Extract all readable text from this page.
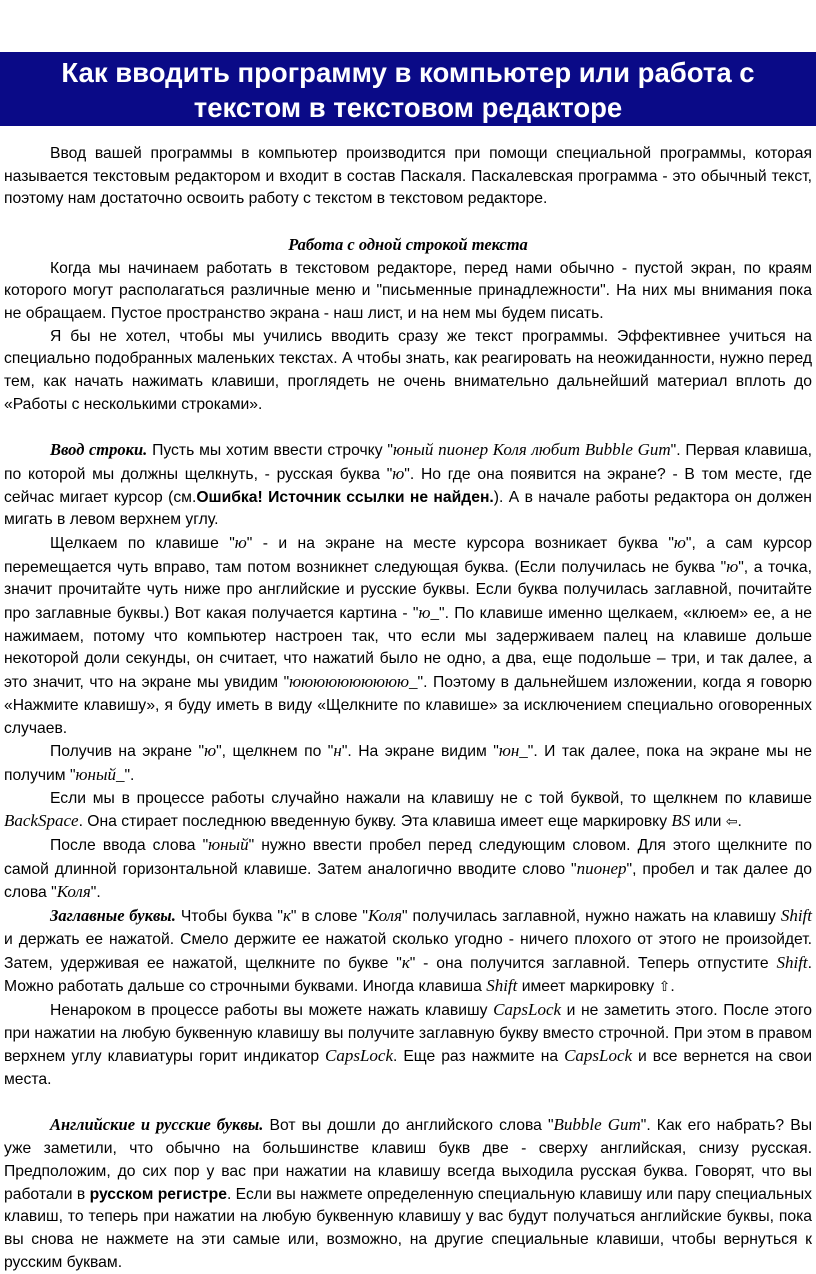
Как вводить программу в компьютер или работа с
текстом в текстовом редакторе

Ввод вашей программы в компьютер производится при помощи специальной программы, которая называется текстовым редактором и входит в состав Паскаля. Паскалевская программа - это обычный текст, поэтому нам достаточно освоить работу с текстом в текстовом редакторе.

Работа с одной строкой текста

Когда мы начинаем работать в текстовом редакторе, перед нами обычно - пустой экран, по краям которого могут располагаться различные меню и "письменные принадлежности". На них мы внимания пока не обращаем. Пустое пространство экрана - наш лист, и на нем мы будем писать.

Я бы не хотел, чтобы мы учились вводить сразу же текст программы. Эффективнее учиться на специально подобранных маленьких текстах. А чтобы знать, как реагировать на неожиданности, нужно перед тем, как начать нажимать клавиши, проглядеть не очень внимательно дальнейший материал вплоть до «Работы с несколькими строками».

Ввод строки. Пусть мы хотим ввести строчку "юный пионер Коля любит Bubble Gum". Первая клавиша, по которой мы должны щелкнуть, - русская буква "ю". Но где она появится на экране? - В том месте, где сейчас мигает курсор (см.Ошибка! Источник ссылки не найден.). А в начале работы редактора он должен мигать в левом верхнем углу.

Щелкаем по клавише "ю" - и на экране на месте курсора возникает буква "ю", а сам курсор перемещается чуть вправо, там потом возникнет следующая буква. (Если получилась не буква "ю", а точка, значит прочитайте чуть ниже про английские и русские буквы. Если буква получилась заглавной, почитайте про заглавные буквы.) Вот какая получается картина - "ю_". По клавише именно щелкаем, «клюем» ее, а не нажимаем, потому что компьютер настроен так, что если мы задерживаем палец на клавише дольше некоторой доли секунды, он считает, что нажатий было не одно, а два, еще подольше – три, и так далее, а это значит, что на экране мы увидим "юююююююююю_". Поэтому в дальнейшем изложении, когда я говорю «Нажмите клавишу», я буду иметь в виду «Щелкните по клавише» за исключением специально оговоренных случаев.

Получив на экране "ю", щелкнем по "н". На экране видим "юн_". И так далее, пока на экране мы не получим "юный_".

Если мы в процессе работы случайно нажали на клавишу не с той буквой, то щелкнем по клавише BackSpace. Она стирает последнюю введенную букву. Эта клавиша имеет еще маркировку BS или ⇦.

После ввода слова "юный" нужно ввести пробел перед следующим словом. Для этого щелкните по самой длинной горизонтальной клавише. Затем аналогично вводите слово "пионер", пробел и так далее до слова "Коля".

Заглавные буквы. Чтобы буква "к" в слове "Коля" получилась заглавной, нужно нажать на клавишу Shift и держать ее нажатой. Смело держите ее нажатой сколько угодно - ничего плохого от этого не произойдет. Затем, удерживая ее нажатой, щелкните по букве "к" - она получится заглавной. Теперь отпустите Shift. Можно работать дальше со строчными буквами. Иногда клавиша Shift имеет маркировку ⇧.

Ненароком в процессе работы вы можете нажать клавишу CapsLock и не заметить этого. После этого при нажатии на любую буквенную клавишу вы получите заглавную букву вместо строчной. При этом в правом верхнем углу клавиатуры горит индикатор CapsLock. Еще раз нажмите на CapsLock и все вернется на свои места.

Английские и русские буквы. Вот вы дошли до английского слова "Bubble Gum". Как его набрать? Вы уже заметили, что обычно на большинстве клавиш букв две - сверху английская, снизу русская. Предположим, до сих пор у вас при нажатии на клавишу всегда выходила русская буква. Говорят, что вы работали в русском регистре. Если вы нажмете определенную специальную клавишу или пару специальных клавиш, то теперь при нажатии на любую буквенную клавишу у вас будут получаться английские буквы, пока вы снова не нажмете на эти самые или, возможно, на другие специальные клавиши, чтобы вернуться к русским буквам.
